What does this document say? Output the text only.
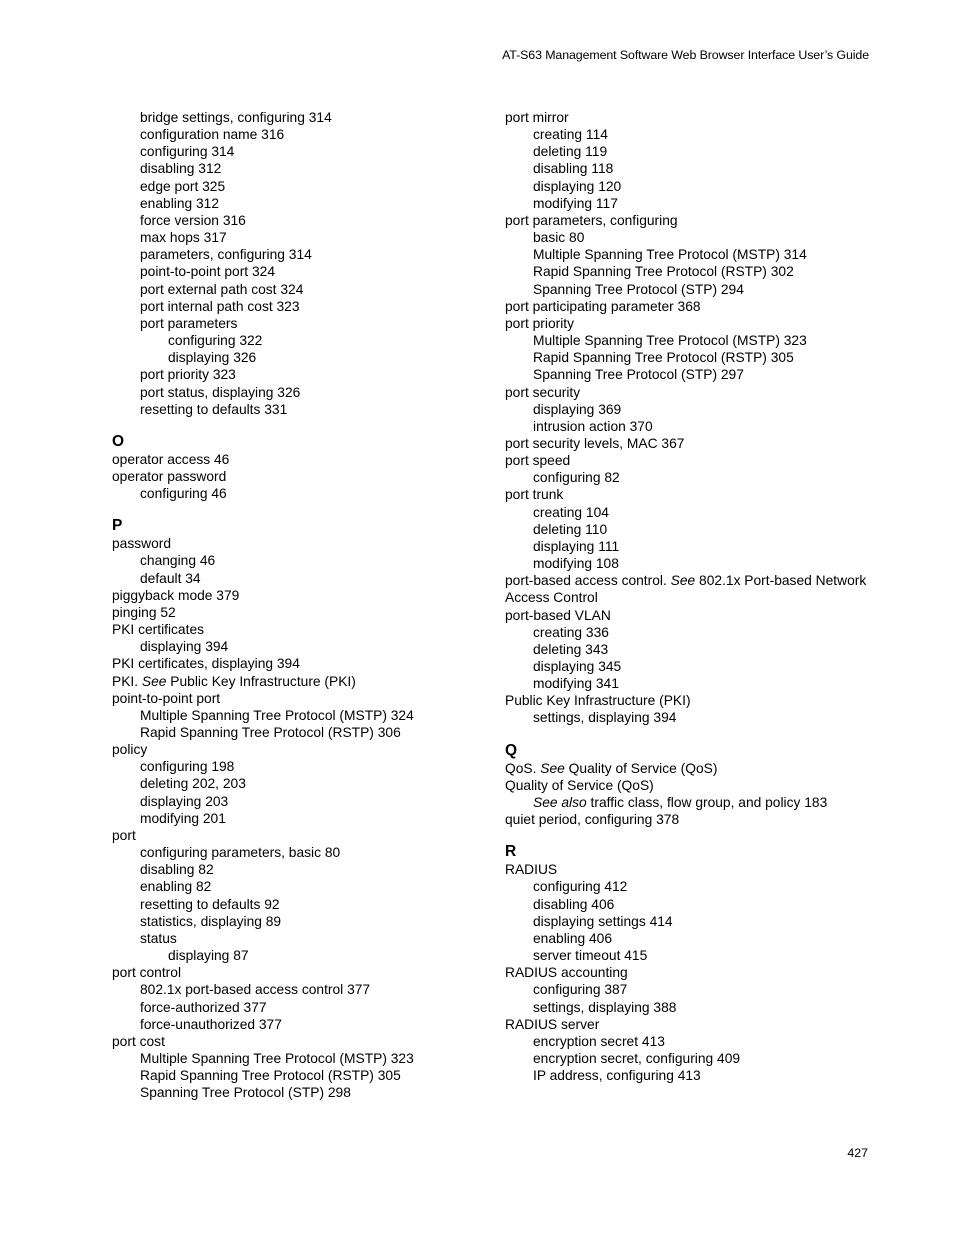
AT-S63 Management Software Web Browser Interface User’s Guide
bridge settings, configuring 314
configuration name 316
configuring 314
disabling 312
edge port 325
enabling 312
force version 316
max hops 317
parameters, configuring 314
point-to-point port 324
port external path cost 324
port internal path cost 323
port parameters
configuring 322
displaying 326
port priority 323
port status, displaying 326
resetting to defaults 331
O
operator access 46
operator password
configuring 46
P
password
changing 46
default 34
piggyback mode 379
pinging 52
PKI certificates
displaying 394
PKI certificates, displaying 394
PKI. See Public Key Infrastructure (PKI)
point-to-point port
Multiple Spanning Tree Protocol (MSTP) 324
Rapid Spanning Tree Protocol (RSTP) 306
policy
configuring 198
deleting 202, 203
displaying 203
modifying 201
port
configuring parameters, basic 80
disabling 82
enabling 82
resetting to defaults 92
statistics, displaying 89
status
displaying 87
port control
802.1x port-based access control 377
force-authorized 377
force-unauthorized 377
port cost
Multiple Spanning Tree Protocol (MSTP) 323
Rapid Spanning Tree Protocol (RSTP) 305
Spanning Tree Protocol (STP) 298
port mirror
creating 114
deleting 119
disabling 118
displaying 120
modifying 117
port parameters, configuring
basic 80
Multiple Spanning Tree Protocol (MSTP) 314
Rapid Spanning Tree Protocol (RSTP) 302
Spanning Tree Protocol (STP) 294
port participating parameter 368
port priority
Multiple Spanning Tree Protocol (MSTP) 323
Rapid Spanning Tree Protocol (RSTP) 305
Spanning Tree Protocol (STP) 297
port security
displaying 369
intrusion action 370
port security levels, MAC 367
port speed
configuring 82
port trunk
creating 104
deleting 110
displaying 111
modifying 108
port-based access control. See 802.1x Port-based Network
Access Control
port-based VLAN
creating 336
deleting 343
displaying 345
modifying 341
Public Key Infrastructure (PKI)
settings, displaying 394
Q
QoS. See Quality of Service (QoS)
Quality of Service (QoS)
See also traffic class, flow group, and policy 183
quiet period, configuring 378
R
RADIUS
configuring 412
disabling 406
displaying settings 414
enabling 406
server timeout 415
RADIUS accounting
configuring 387
settings, displaying 388
RADIUS server
encryption secret 413
encryption secret, configuring 409
IP address, configuring 413
427
